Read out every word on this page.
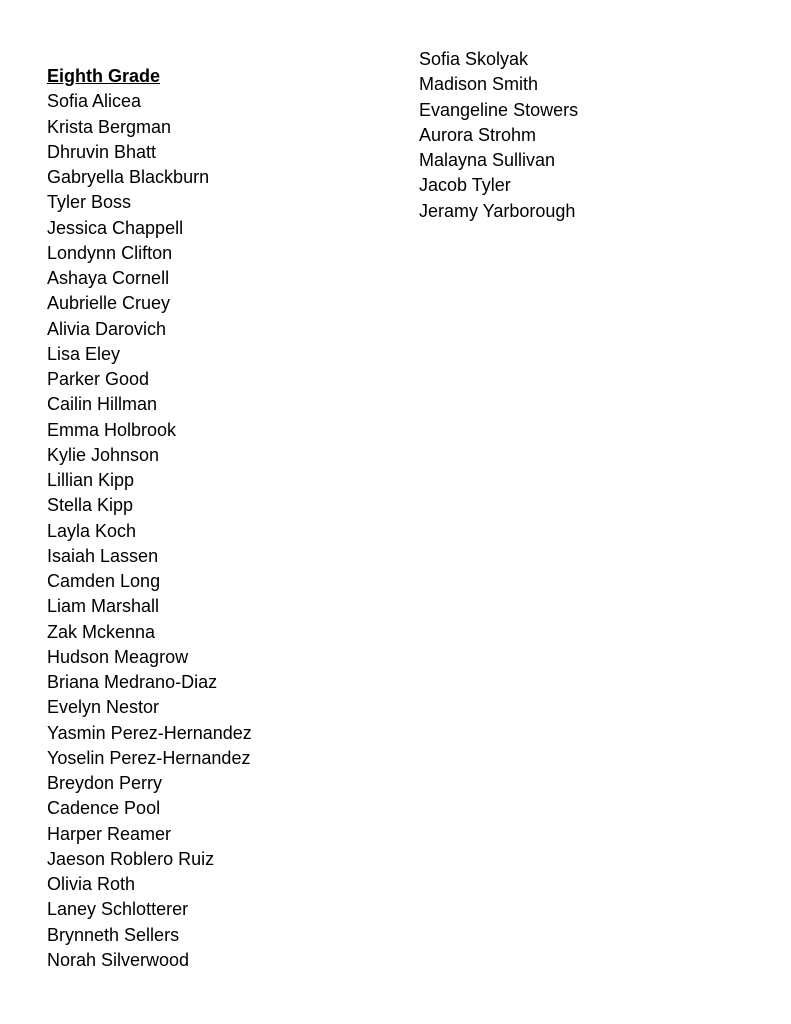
Eighth Grade
Sofia Alicea
Krista Bergman
Dhruvin Bhatt
Gabryella Blackburn
Tyler Boss
Jessica Chappell
Londynn Clifton
Ashaya Cornell
Aubrielle Cruey
Alivia Darovich
Lisa Eley
Parker Good
Cailin Hillman
Emma Holbrook
Kylie Johnson
Lillian Kipp
Stella Kipp
Layla Koch
Isaiah Lassen
Camden Long
Liam Marshall
Zak Mckenna
Hudson Meagrow
Briana Medrano-Diaz
Evelyn Nestor
Yasmin Perez-Hernandez
Yoselin Perez-Hernandez
Breydon Perry
Cadence Pool
Harper Reamer
Jaeson Roblero Ruiz
Olivia Roth
Laney Schlotterer
Brynneth Sellers
Norah Silverwood
Sofia Skolyak
Madison Smith
Evangeline Stowers
Aurora Strohm
Malayna Sullivan
Jacob Tyler
Jeramy Yarborough
